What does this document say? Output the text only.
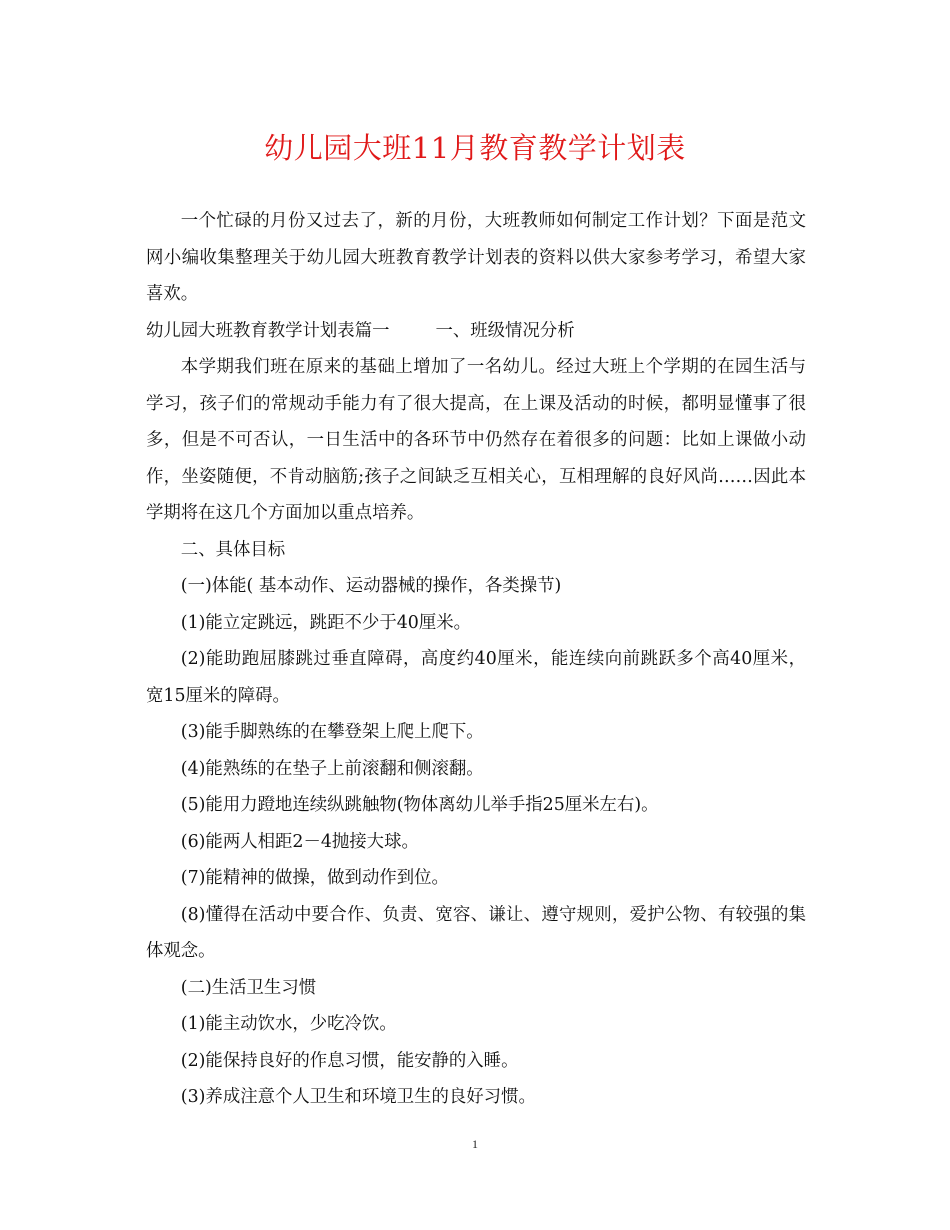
幼儿园大班11月教育教学计划表

一个忙碌的月份又过去了，新的月份，大班教师如何制定工作计划？下面是范文网小编收集整理关于幼儿园大班教育教学计划表的资料以供大家参考学习，希望大家喜欢。

幼儿园大班教育教学计划表篇一	一、班级情况分析

本学期我们班在原来的基础上增加了一名幼儿。经过大班上个学期的在园生活与学习，孩子们的常规动手能力有了很大提高，在上课及活动的时候，都明显懂事了很多，但是不可否认，一日生活中的各环节中仍然存在着很多的问题：比如上课做小动作，坐姿随便，不肯动脑筋;孩子之间缺乏互相关心，互相理解的良好风尚……因此本学期将在这几个方面加以重点培养。

二、具体目标

(一)体能( 基本动作、运动器械的操作，各类操节)

(1)能立定跳远，跳距不少于40厘米。

(2)能助跑屈膝跳过垂直障碍，高度约40厘米，能连续向前跳跃多个高40厘米，宽15厘米的障碍。

(3)能手脚熟练的在攀登架上爬上爬下。

(4)能熟练的在垫子上前滚翻和侧滚翻。

(5)能用力蹬地连续纵跳触物(物体离幼儿举手指25厘米左右)。

(6)能两人相距2－4抛接大球。

(7)能精神的做操，做到动作到位。

(8)懂得在活动中要合作、负责、宽容、谦让、遵守规则，爱护公物、有较强的集体观念。

(二)生活卫生习惯

(1)能主动饮水，少吃冷饮。

(2)能保持良好的作息习惯，能安静的入睡。

(3)养成注意个人卫生和环境卫生的良好习惯。

1
